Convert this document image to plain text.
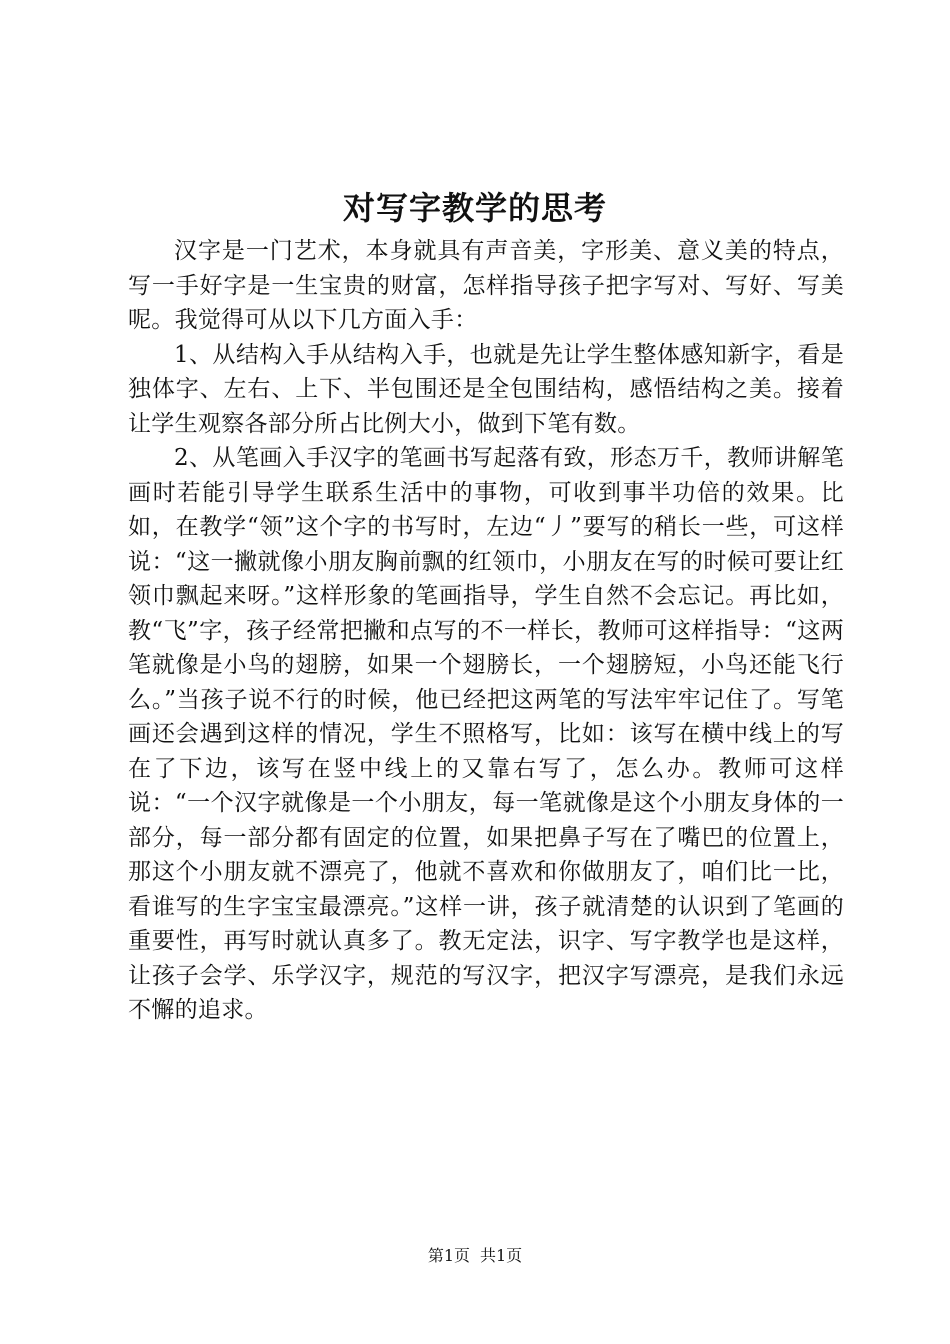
对写字教学的思考

汉字是一门艺术，本身就具有声音美，字形美、意义美的特点，写一手好字是一生宝贵的财富，怎样指导孩子把字写对、写好、写美呢。我觉得可从以下几方面入手：

1、从结构入手从结构入手，也就是先让学生整体感知新字，看是独体字、左右、上下、半包围还是全包围结构，感悟结构之美。接着让学生观察各部分所占比例大小，做到下笔有数。

2、从笔画入手汉字的笔画书写起落有致，形态万千，教师讲解笔画时若能引导学生联系生活中的事物，可收到事半功倍的效果。比如，在教学“领”这个字的书写时，左边“丿”要写的稍长一些，可这样说：“这一撇就像小朋友胸前飘的红领巾，小朋友在写的时候可要让红领巾飘起来呀。”这样形象的笔画指导，学生自然不会忘记。再比如，教“飞”字，孩子经常把撇和点写的不一样长，教师可这样指导：“这两笔就像是小鸟的翅膀，如果一个翅膀长，一个翅膀短，小鸟还能飞行么。”当孩子说不行的时候，他已经把这两笔的写法牢牢记住了。写笔画还会遇到这样的情况，学生不照格写，比如：该写在横中线上的写在了下边，该写在竖中线上的又靠右写了，怎么办。教师可这样说：“一个汉字就像是一个小朋友，每一笔就像是这个小朋友身体的一部分，每一部分都有固定的位置，如果把鼻子写在了嘴巴的位置上，那这个小朋友就不漂亮了，他就不喜欢和你做朋友了，咱们比一比，看谁写的生字宝宝最漂亮。”这样一讲，孩子就清楚的认识到了笔画的重要性，再写时就认真多了。教无定法，识字、写字教学也是这样，让孩子会学、乐学汉字，规范的写汉字，把汉字写漂亮，是我们永远不懈的追求。

第1页 共1页
